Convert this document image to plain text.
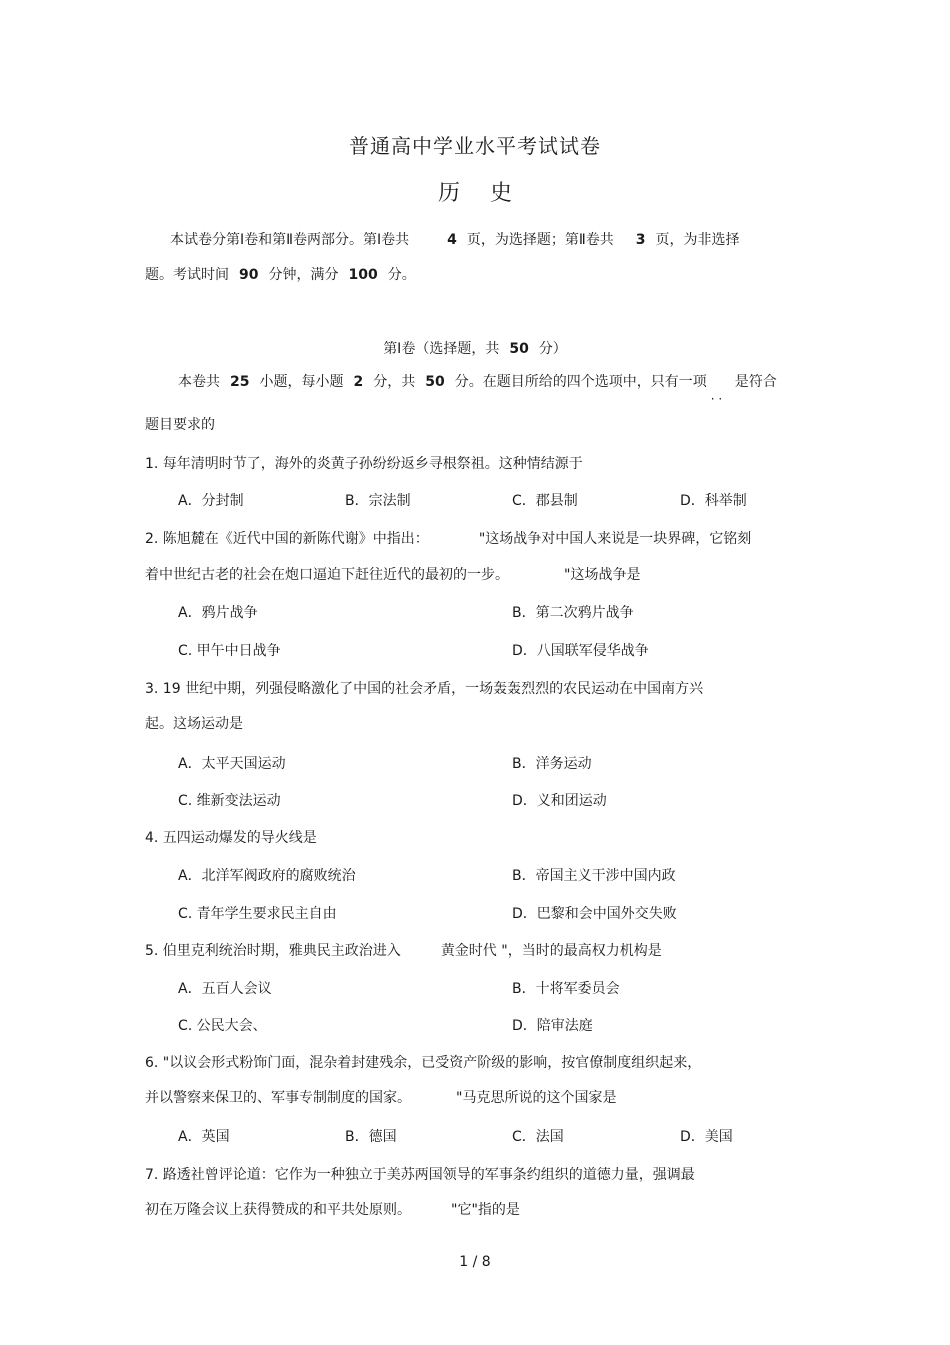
普通高中学业水平考试试卷
历史
本试卷分第Ⅰ卷和第Ⅱ卷两部分。第Ⅰ卷共	4 页，为选择题；第Ⅱ卷共 3 页，为非选择
题。考试时间 90 分钟，满分 100 分。
第Ⅰ卷（选择题，共 50 分）
本卷共 25 小题，每小题 2 分，共 50 分。在题目所给的四个选项中，只有一项 是符合
题目要求的
1. 每年清明时节了，海外的炎黄子孙纷纷返乡寻根祭祖。这种情结源于
A．分封制	B．宗法制	C．郡县制	D．科举制
2. 陈旭麓在《近代中国的新陈代谢》中指出：	"这场战争对中国人来说是一块界碑，它铭刻
着中世纪古老的社会在炮口逼迫下赶往近代的最初的一步。	"这场战争是
A．鸦片战争	B．第二次鸦片战争
C. 甲午中日战争	D．八国联军侵华战争
3. 19 世纪中期，列强侵略激化了中国的社会矛盾，一场轰轰烈烈的农民运动在中国南方兴
起。这场运动是
A．太平天国运动	B．洋务运动
C. 维新变法运动	D．义和团运动
4. 五四运动爆发的导火线是
A．北洋军阀政府的腐败统治	B．帝国主义干涉中国内政
C. 青年学生要求民主自由	D．巴黎和会中国外交失败
5. 伯里克利统治时期，雅典民主政治进入	黄金时代 "，当时的最高权力机构是
A．五百人会议	B．十将军委员会
C. 公民大会、	D．陪审法庭
6. "以议会形式粉饰门面，混杂着封建残余，已受资产阶级的影响，按官僚制度组织起来，
并以警察来保卫的、军事专制制度的国家。	"马克思所说的这个国家是
A．英国	B．德国	C．法国	D．美国
7. 路透社曾评论道：它作为一种独立于美苏两国领导的军事条约组织的道德力量，强调最
初在万隆会议上获得赞成的和平共处原则。	"它"指的是
1 / 8
